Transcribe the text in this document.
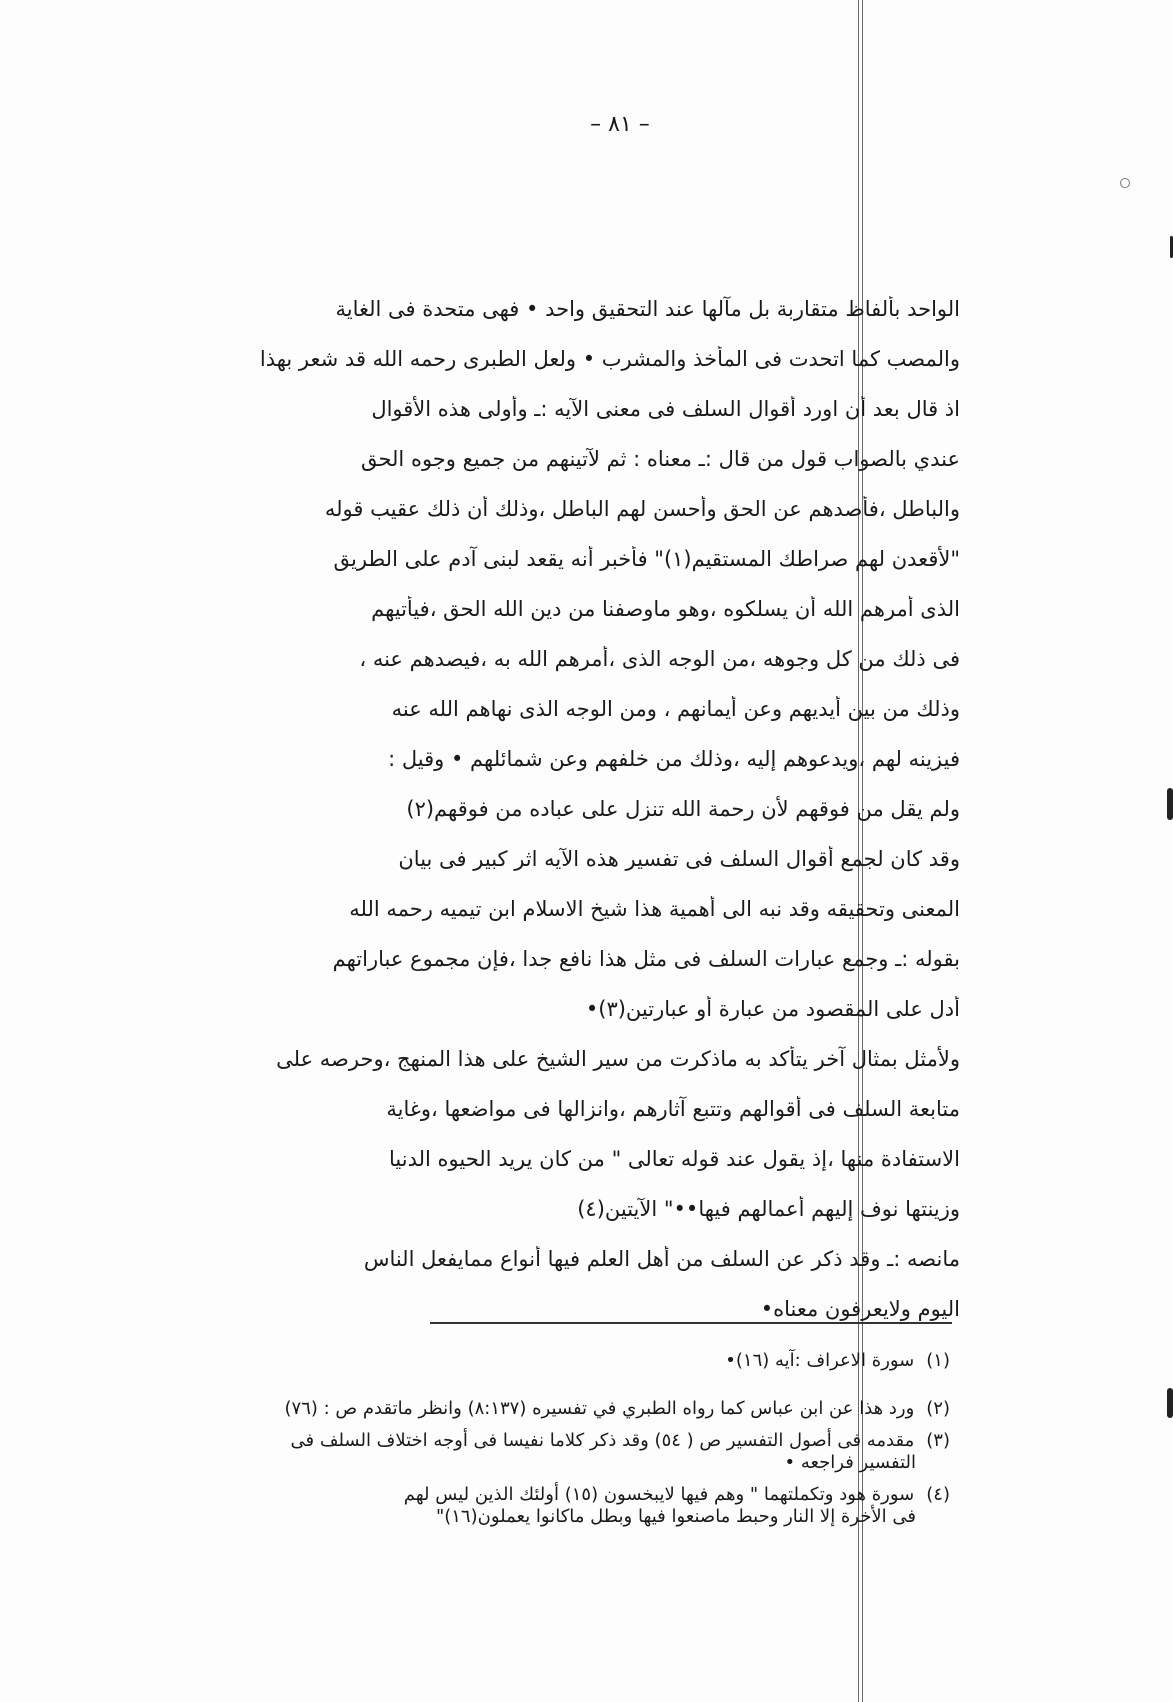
– ٨١ –
الواحد بألفاظ متقاربة بل مآلها عند التحقيق واحد • فهى متحدة فى الغاية
والمصب كما اتحدت فى المأخذ والمشرب • ولعل الطبرى رحمه الله قد شعر بهذا
اذ قال بعد أن اورد أقوال السلف فى معنى الآيه :ـ وأولى هذه الأقوال
عندي بالصواب قول من قال :ـ معناه : ثم لآتينهم من جميع وجوه الحق
والباطل ،فأصدهم عن الحق وأحسن لهم الباطل ،وذلك أن ذلك عقيب قوله
"لأقعدن لهم صراطك المستقيم(١)" فأخبر أنه يقعد لبنى آدم على الطريق
الذى أمرهم الله أن يسلكوه ،وهو ماوصفنا من دين الله الحق ،فيأتيهم
فى ذلك من كل وجوهه ،من الوجه الذى ،أمرهم الله به ،فيصدهم عنه ،
وذلك من بين أيديهم وعن أيمانهم ، ومن الوجه الذى نهاهم الله عنه
فيزينه لهم ،ويدعوهم إليه ،وذلك من خلفهم وعن شمائلهم • وقيل :
ولم يقل من فوقهم لأن رحمة الله تنزل على عباده من فوقهم(٢)
وقد كان لجمع أقوال السلف فى تفسير هذه الآيه اثر كبير فى بيان
المعنى وتحقيقه وقد نبه الى أهمية هذا شيخ الاسلام ابن تيميه رحمه الله
بقوله :ـ وجمع عبارات السلف فى مثل هذا نافع جدا ،فإن مجموع عباراتهم
أدل على المقصود من عبارة أو عبارتين(٣)•
ولأمثل بمثال آخر يتأكد به ماذكرت من سير الشيخ على هذا المنهج ،وحرصه على
متابعة السلف فى أقوالهم وتتبع آثارهم ،وانزالها فى مواضعها ،وغاية
الاستفادة منها ،إذ يقول عند قوله تعالى " من كان يريد الحيوه الدنيا
وزينتها نوف إليهم أعمالهم فيها••" الآيتين(٤)
مانصه :ـ وقد ذكر عن السلف من أهل العلم فيها أنواع ممايفعل الناس
اليوم ولايعرفون معناه•
(١) سورة الاعراف :آيه (١٦)•
(٢) ورد هذا عن ابن عباس كما رواه الطبري في تفسيره (٨:١٣٧) وانظر ماتقدم ص : (٧٦)
(٣) مقدمه فى أصول التفسير ص ( ٥٤) وقد ذكر كلاما نفيسا فى أوجه اختلاف السلف فى
التفسير فراجعه •
(٤) سورة هود وتكملتهما " وهم فيها لايبخسون (١٥) أولئك الذين ليس لهم
فى الأخرة إلا النار وحبط ماصنعوا فيها وبطل ماكانوا يعملون(١٦)"
